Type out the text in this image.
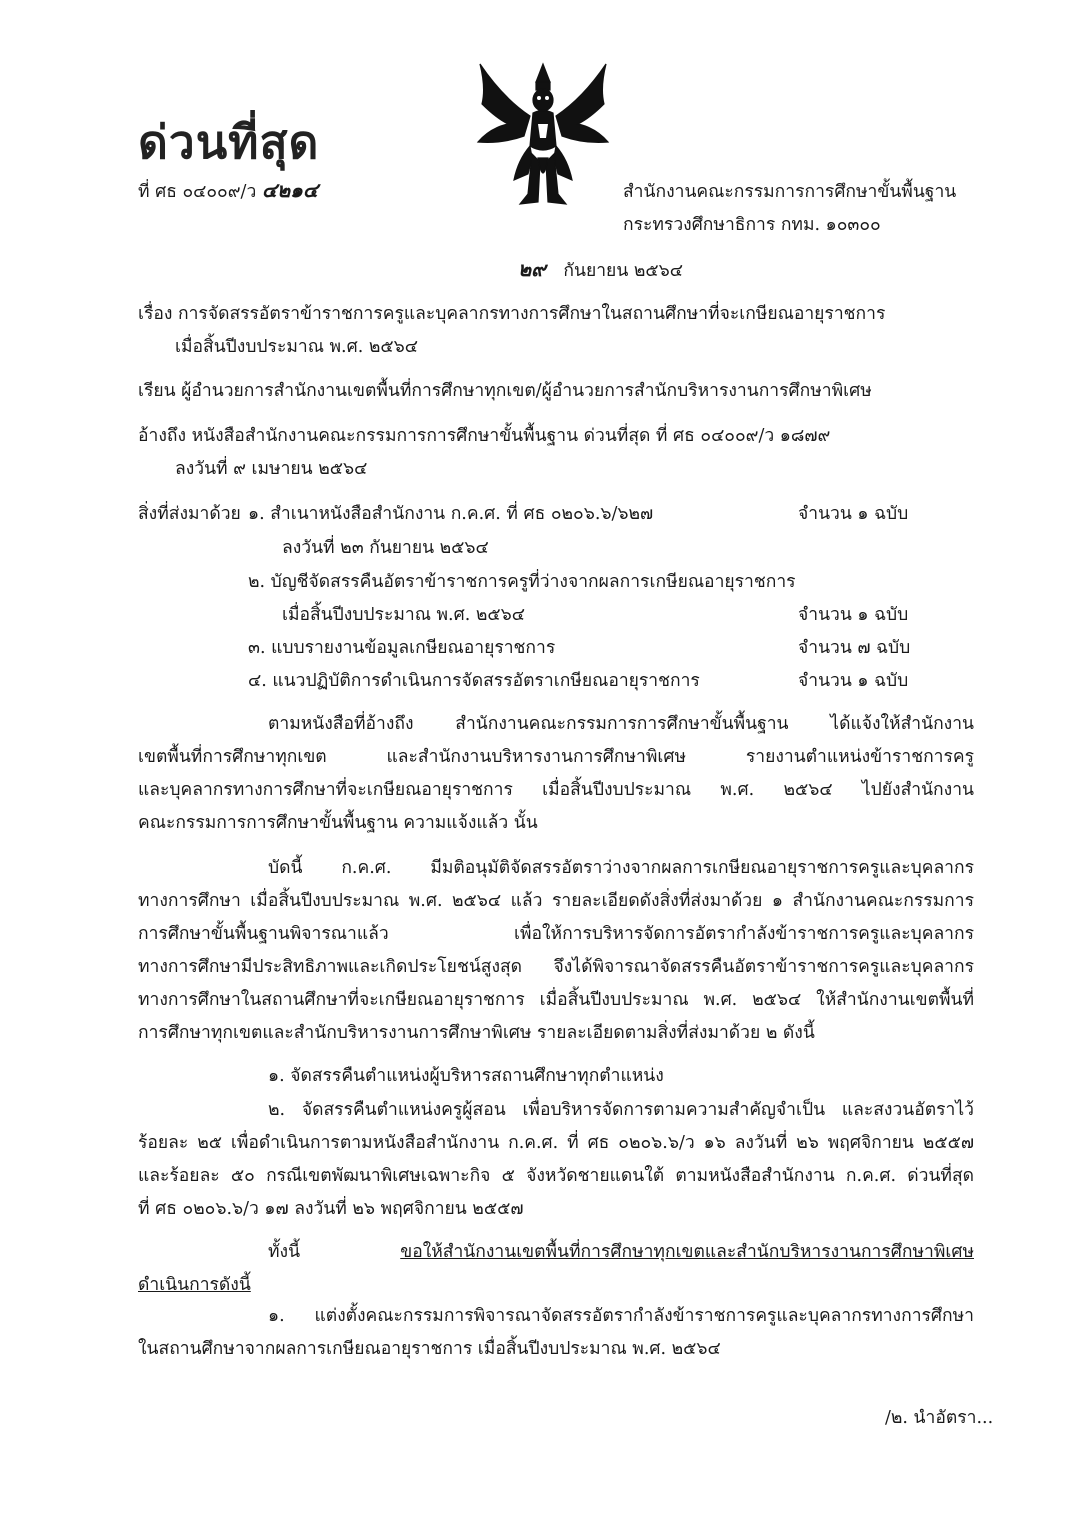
ด่วนที่สุด
ที่ ศธ ๐๔๐๐๙/ว ๔๒๑๔	สำนักงานคณะกรรมการการศึกษาขั้นพื้นฐาน
กระทรวงศึกษาธิการ กทม. ๑๐๓๐๐
๒๙ กันยายน ๒๕๖๔
เรื่อง การจัดสรรอัตราข้าราชการครูและบุคลากรทางการศึกษาในสถานศึกษาที่จะเกษียณอายุราชการ
เมื่อสิ้นปีงบประมาณ พ.ศ. ๒๕๖๔
เรียน ผู้อำนวยการสำนักงานเขตพื้นที่การศึกษาทุกเขต/ผู้อำนวยการสำนักบริหารงานการศึกษาพิเศษ
อ้างถึง หนังสือสำนักงานคณะกรรมการการศึกษาขั้นพื้นฐาน ด่วนที่สุด ที่ ศธ ๐๔๐๐๙/ว ๑๘๗๙
ลงวันที่ ๙ เมษายน ๒๕๖๔
สิ่งที่ส่งมาด้วย ๑. สำเนาหนังสือสำนักงาน ก.ค.ศ. ที่ ศธ ๐๒๐๖.๖/๖๒๗	จำนวน ๑ ฉบับ
ลงวันที่ ๒๓ กันยายน ๒๕๖๔
๒. บัญชีจัดสรรคืนอัตราข้าราชการครูที่ว่างจากผลการเกษียณอายุราชการ
เมื่อสิ้นปีงบประมาณ พ.ศ. ๒๕๖๔	จำนวน ๑ ฉบับ
๓. แบบรายงานข้อมูลเกษียณอายุราชการ	จำนวน ๗ ฉบับ
๔. แนวปฏิบัติการดำเนินการจัดสรรอัตราเกษียณอายุราชการ	จำนวน ๑ ฉบับ

ตามหนังสือที่อ้างถึง สำนักงานคณะกรรมการการศึกษาขั้นพื้นฐาน ได้แจ้งให้สำนักงาน

เขตพื้นที่การศึกษาทุกเขต และสำนักงานบริหารงานการศึกษาพิเศษ รายงานตำแหน่งข้าราชการครู

และบุคลากรทางการศึกษาที่จะเกษียณอายุราชการ เมื่อสิ้นปีงบประมาณ พ.ศ. ๒๕๖๔ ไปยังสำนักงาน

คณะกรรมการการศึกษาขั้นพื้นฐาน ความแจ้งแล้ว นั้น

บัดนี้ ก.ค.ศ. มีมติอนุมัติจัดสรรอัตราว่างจากผลการเกษียณอายุราชการครูและบุคลากร

ทางการศึกษา เมื่อสิ้นปีงบประมาณ พ.ศ. ๒๕๖๔ แล้ว รายละเอียดดังสิ่งที่ส่งมาด้วย ๑ สำนักงานคณะกรรมการ

การศึกษาขั้นพื้นฐานพิจารณาแล้ว เพื่อให้การบริหารจัดการอัตรากำลังข้าราชการครูและบุคลากร

ทางการศึกษามีประสิทธิภาพและเกิดประโยชน์สูงสุด จึงได้พิจารณาจัดสรรคืนอัตราข้าราชการครูและบุคลากร

ทางการศึกษาในสถานศึกษาที่จะเกษียณอายุราชการ เมื่อสิ้นปีงบประมาณ พ.ศ. ๒๕๖๔ ให้สำนักงานเขตพื้นที่

การศึกษาทุกเขตและสำนักบริหารงานการศึกษาพิเศษ รายละเอียดตามสิ่งที่ส่งมาด้วย ๒ ดังนี้

๑. จัดสรรคืนตำแหน่งผู้บริหารสถานศึกษาทุกตำแหน่ง

๒. จัดสรรคืนตำแหน่งครูผู้สอน เพื่อบริหารจัดการตามความสำคัญจำเป็น และสงวนอัตราไว้

ร้อยละ ๒๕ เพื่อดำเนินการตามหนังสือสำนักงาน ก.ค.ศ. ที่ ศธ ๐๒๐๖.๖/ว ๑๖ ลงวันที่ ๒๖ พฤศจิกายน ๒๕๕๗

และร้อยละ ๕๐ กรณีเขตพัฒนาพิเศษเฉพาะกิจ ๕ จังหวัดชายแดนใต้ ตามหนังสือสำนักงาน ก.ค.ศ. ด่วนที่สุด

ที่ ศธ ๐๒๐๖.๖/ว ๑๗ ลงวันที่ ๒๖ พฤศจิกายน ๒๕๕๗

ทั้งนี้ ขอให้สำนักงานเขตพื้นที่การศึกษาทุกเขตและสำนักบริหารงานการศึกษาพิเศษ

ดำเนินการดังนี้

๑. แต่งตั้งคณะกรรมการพิจารณาจัดสรรอัตรากำลังข้าราชการครูและบุคลากรทางการศึกษา

ในสถานศึกษาจากผลการเกษียณอายุราชการ เมื่อสิ้นปีงบประมาณ พ.ศ. ๒๕๖๔

/๒. นำอัตรา...
